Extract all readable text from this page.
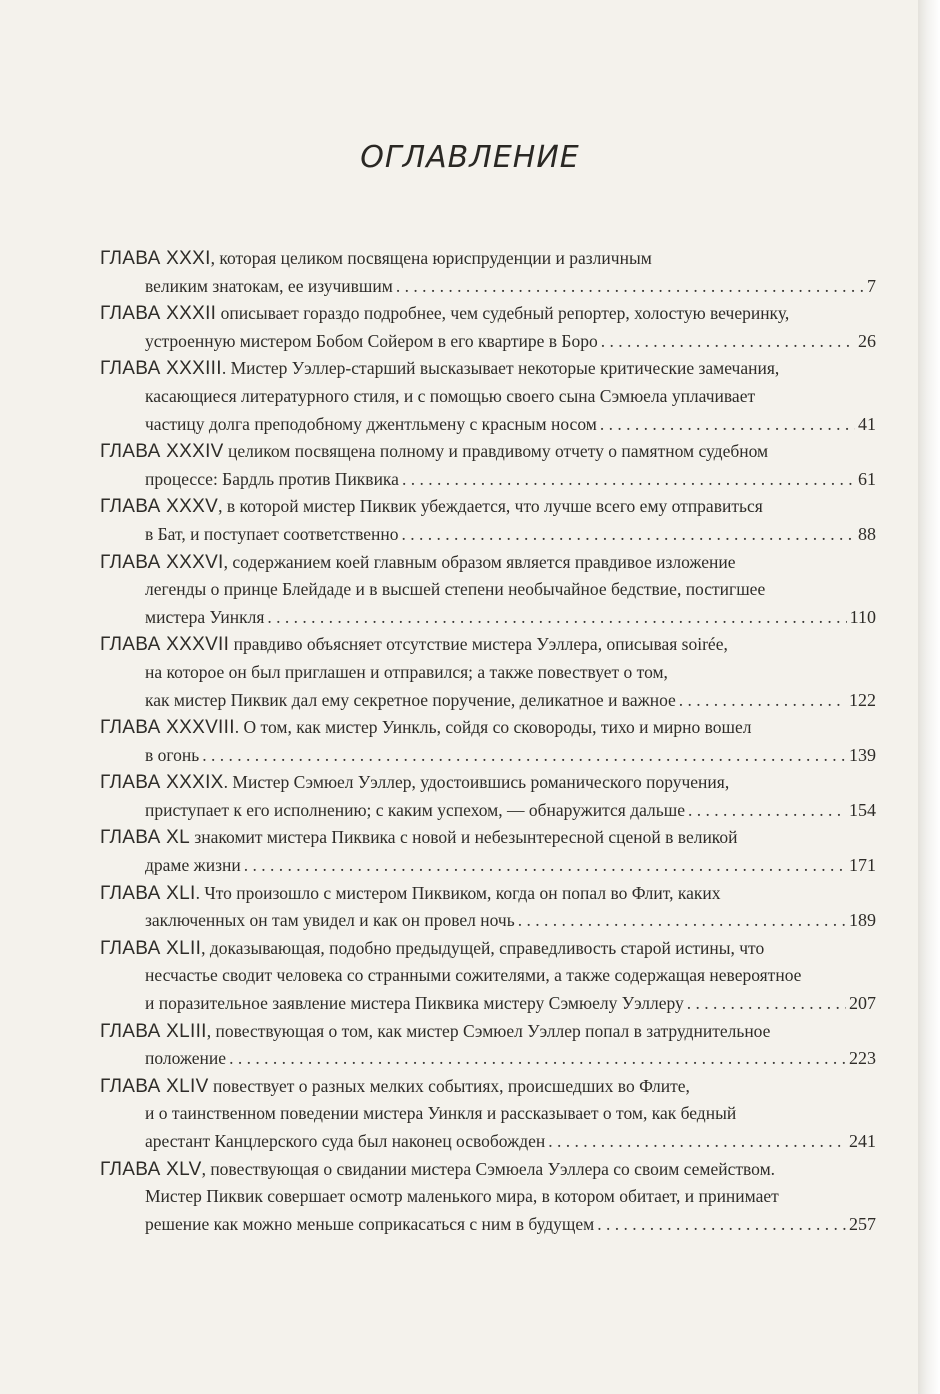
ОГЛАВЛЕНИЕ
ГЛАВА XXXI, которая целиком посвящена юриспруденции и различным
великим знатокам, ее изучившим . . .	7
ГЛАВА XXXII описывает гораздо подробнее, чем судебный репортер, холостую вечеринку,
устроенную мистером Бобом Сойером в его квартире в Боро . . .	26
ГЛАВА XXXIII. Мистер Уэллер-старший высказывает некоторые критические замечания,
касающиеся литературного стиля, и с помощью своего сына Сэмюела уплачивает
частицу долга преподобному джентльмену с красным носом . . .	41
ГЛАВА XXXIV целиком посвящена полному и правдивому отчету о памятном судебном
процессе: Бардль против Пиквика . . .	61
ГЛАВА XXXV, в которой мистер Пиквик убеждается, что лучше всего ему отправиться
в Бат, и поступает соответственно . . .	88
ГЛАВА XXXVI, содержанием коей главным образом является правдивое изложение
легенды о принце Блейдаде и в высшей степени необычайное бедствие, постигшее
мистера Уинкля . . .	110
ГЛАВА XXXVII правдиво объясняет отсутствие мистера Уэллера, описывая soirée,
на которое он был приглашен и отправился; а также повествует о том,
как мистер Пиквик дал ему секретное поручение, деликатное и важное . . .	122
ГЛАВА XXXVIII. О том, как мистер Уинкль, сойдя со сковороды, тихо и мирно вошел
в огонь . . .	139
ГЛАВА XXXIX. Мистер Сэмюел Уэллер, удостоившись романического поручения,
приступает к его исполнению; с каким успехом, — обнаружится дальше . . .	154
ГЛАВА XL знакомит мистера Пиквика с новой и небезынтересной сценой в великой
драме жизни . . .	171
ГЛАВА XLI. Что произошло с мистером Пиквиком, когда он попал во Флит, каких
заключенных он там увидел и как он провел ночь . . .	189
ГЛАВА XLII, доказывающая, подобно предыдущей, справедливость старой истины, что
несчастье сводит человека со странными сожителями, а также содержащая невероятное
и поразительное заявление мистера Пиквика мистеру Сэмюелу Уэллеру . . .	207
ГЛАВА XLIII, повествующая о том, как мистер Сэмюел Уэллер попал в затруднительное
положение . . .	223
ГЛАВА XLIV повествует о разных мелких событиях, происшедших во Флите,
и о таинственном поведении мистера Уинкля и рассказывает о том, как бедный
арестант Канцлерского суда был наконец освобожден . . .	241
ГЛАВА XLV, повествующая о свидании мистера Сэмюела Уэллера со своим семейством.
Мистер Пиквик совершает осмотр маленького мира, в котором обитает, и принимает
решение как можно меньше соприкасаться с ним в будущем . . .	257
